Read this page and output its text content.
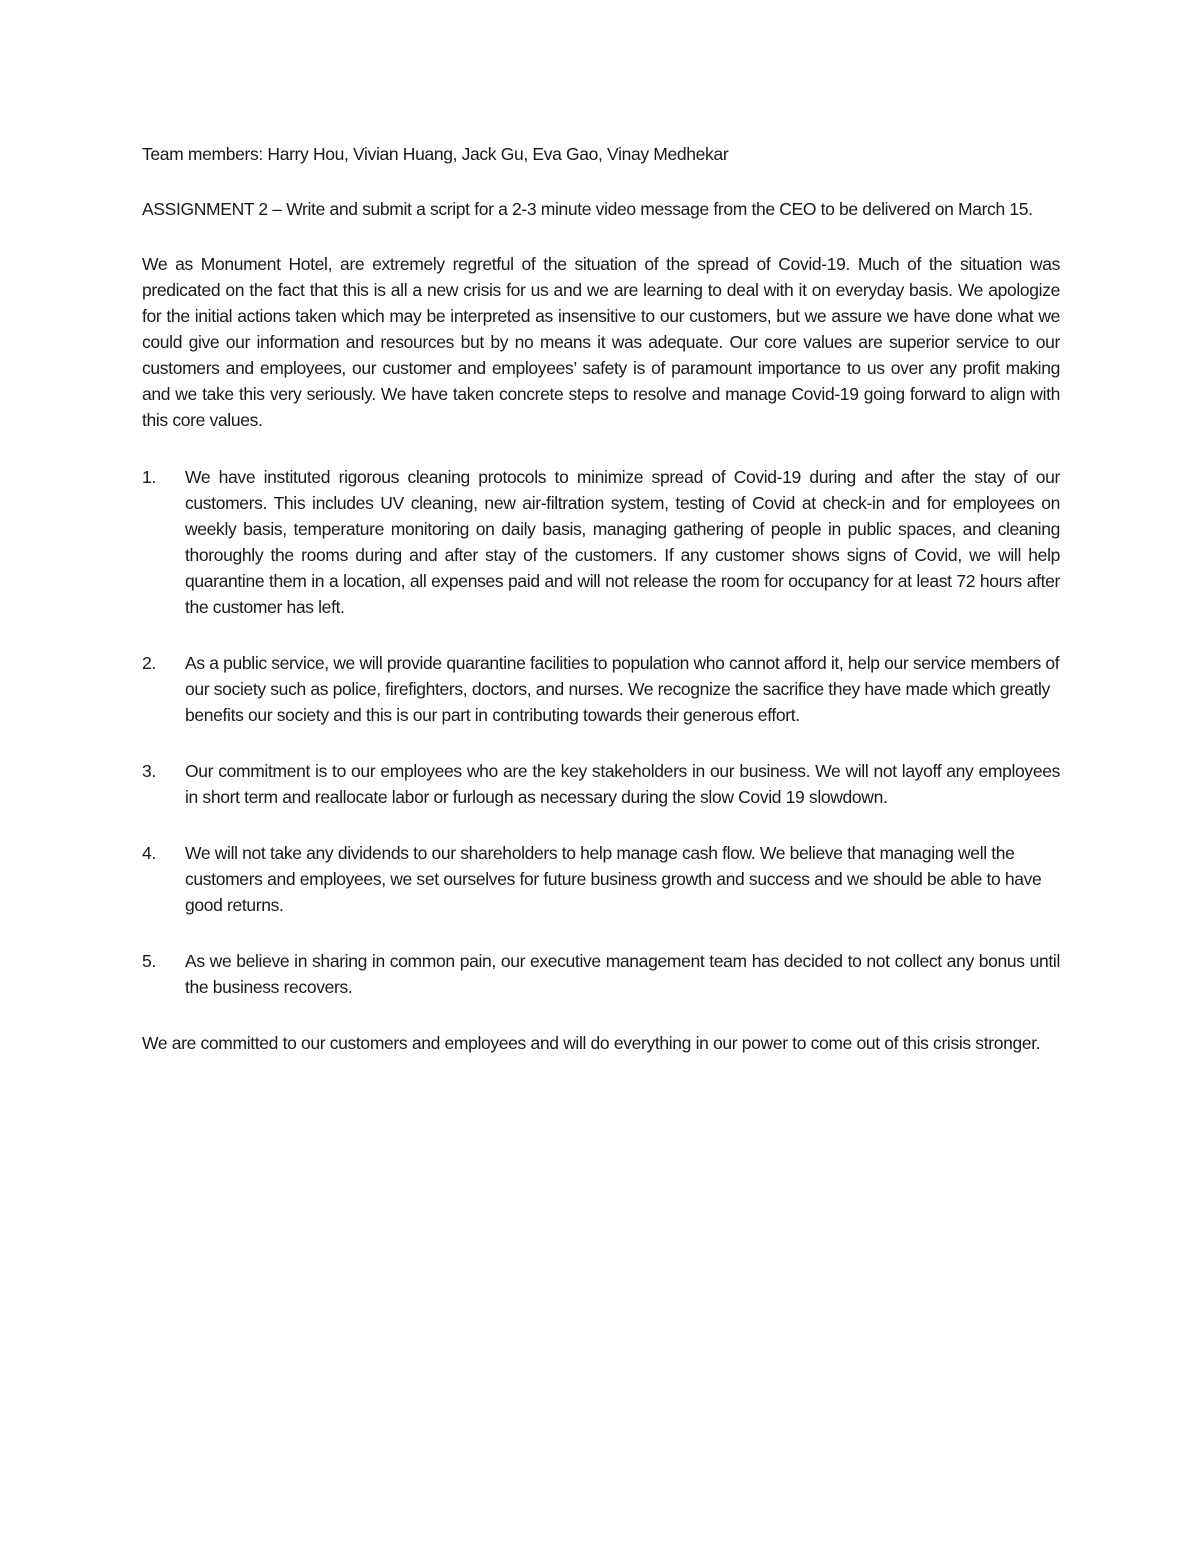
Team members: Harry Hou, Vivian Huang, Jack Gu, Eva Gao, Vinay Medhekar

ASSIGNMENT 2 – Write and submit a script for a 2-3 minute video message from the CEO to be delivered on March 15.

We as Monument Hotel, are extremely regretful of the situation of the spread of Covid-19. Much of the situation was predicated on the fact that this is all a new crisis for us and we are learning to deal with it on everyday basis. We apologize for the initial actions taken which may be interpreted as insensitive to our customers, but we assure we have done what we could give our information and resources but by no means it was adequate. Our core values are superior service to our customers and employees, our customer and employees’ safety is of paramount importance to us over any profit making and we take this very seriously. We have taken concrete steps to resolve and manage Covid-19 going forward to align with this core values.

1.	We have instituted rigorous cleaning protocols to minimize spread of Covid-19 during and after the stay of our customers. This includes UV cleaning, new air-filtration system, testing of Covid at check-in and for employees on weekly basis, temperature monitoring on daily basis, managing gathering of people in public spaces, and cleaning thoroughly the rooms during and after stay of the customers. If any customer shows signs of Covid, we will help quarantine them in a location, all expenses paid and will not release the room for occupancy for at least 72 hours after the customer has left.
2.	As a public service, we will provide quarantine facilities to population who cannot afford it, help our service members of our society such as police, firefighters, doctors, and nurses. We recognize the sacrifice they have made which greatly benefits our society and this is our part in contributing towards their generous effort.
3.	Our commitment is to our employees who are the key stakeholders in our business. We will not layoff any employees in short term and reallocate labor or furlough as necessary during the slow Covid 19 slowdown.
4.	We will not take any dividends to our shareholders to help manage cash flow. We believe that managing well the customers and employees, we set ourselves for future business growth and success and we should be able to have good returns.
5.	As we believe in sharing in common pain, our executive management team has decided to not collect any bonus until the business recovers.

We are committed to our customers and employees and will do everything in our power to come out of this crisis stronger.
